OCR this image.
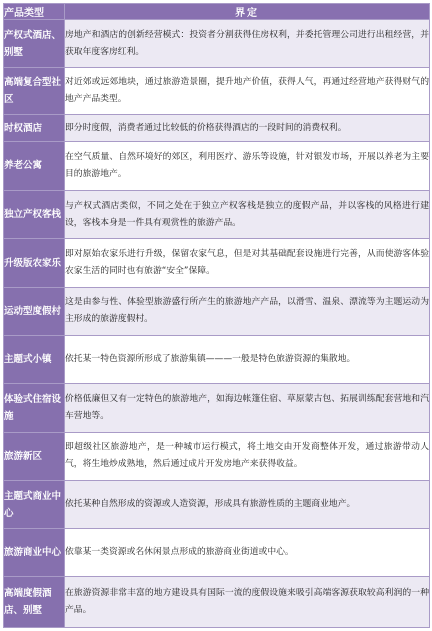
产品类型	界定
产权式酒店、别墅	房地产和酒店的创新经营模式：投资者分割获得住房权利，并委托管理公司进行出租经营，并获取年度客房红利。
高端复合型社区	对近郊或远郊地块，通过旅游造景圈，提升地产价值，获得人气，再通过经营地产获得财气的地产产品类型。
时权酒店	即分时度假，消费者通过比较低的价格获得酒店的一段时间的消费权利。
养老公寓	在空气质量、自然环境好的郊区，利用医疗、游乐等设施，针对银发市场，开展以养老为主要目的旅游地产。
独立产权客栈	与产权式酒店类似，不同之处在于独立产权客栈是独立的度假产品，并以客栈的风格进行建设，客栈本身是一件具有观赏性的旅游产品。
升级版农家乐	即对原始农家乐进行升级，保留农家气息，但是对其基础配套设施进行完善，从而使游客体验农家生活的同时也有旅游“安全”保障。
运动型度假村	这是由参与性、体验型旅游盛行所产生的旅游地产产品，以滑雪、温泉、漂流等为主题运动为主形成的旅游度假村。
主题式小镇	依托某一特色资源所形成了旅游集镇———一般是特色旅游资源的集散地。
体验式住宿设施	价格低廉但又有一定特色的旅游地产，如海边帐篷住宿、草原蒙古包、拓展训练配套营地和汽车营地等。
旅游新区	即超级社区旅游地产，是一种城市运行模式，将土地交由开发商整体开发，通过旅游带动人气，将生地炒成熟地，然后通过成片开发房地产来获得收益。
主题式商业中心	依托某种自然形成的资源或人造资源，形成具有旅游性质的主题商业地产。
旅游商业中心	依靠某一类资源或名休闲景点形成的旅游商业街道或中心。
高端度假酒店、别墅	在旅游资源非常丰富的地方建设具有国际一流的度假设施来吸引高端客源获取较高利润的一种产品。
